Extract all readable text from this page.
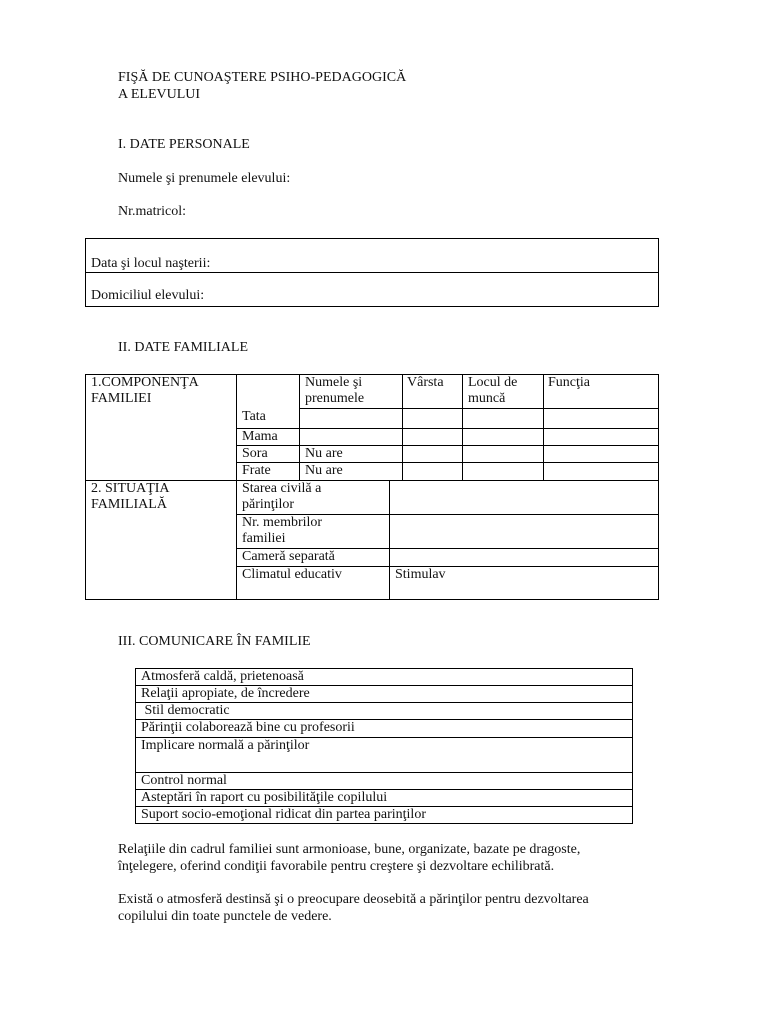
FIŞĂ DE CUNOAŞTERE PSIHO-PEDAGOGICĂ
A ELEVULUI
I. DATE PERSONALE
Numele şi prenumele elevului:
Nr.matricol:
Data şi locul naşterii:
Domiciliul elevului:
II. DATE FAMILIALE
1.COMPONENŢA
FAMILIEI
Numele şi
prenumele
Vârsta Locul de
muncă
Funcţia
Tata
Mama
Sora	Nu are
Frate Nu are
2. SITUAŢIA
FAMILIALĂ
Starea civilă a
părinţilor
Nr. membrilor
familiei
Cameră separată
Climatul educativ	Stimulav
III. COMUNICARE ÎN FAMILIE
Atmosferă caldă, prietenoasă
Relaţii apropiate, de încredere
Stil democratic
Părinţii colaborează bine cu profesorii
Implicare normală a părinţilor
Control normal
Asteptări în raport cu posibilităţile copilului
Suport socio-emoţional ridicat din partea parinţilor
Relaţiile din cadrul familiei sunt armonioase, bune, organizate, bazate pe dragoste,
înţelegere, oferind condiţii favorabile pentru creştere şi dezvoltare echilibrată.
Există o atmosferă destinsă şi o preocupare deosebită a părinţilor pentru dezvoltarea
copilului din toate punctele de vedere.
